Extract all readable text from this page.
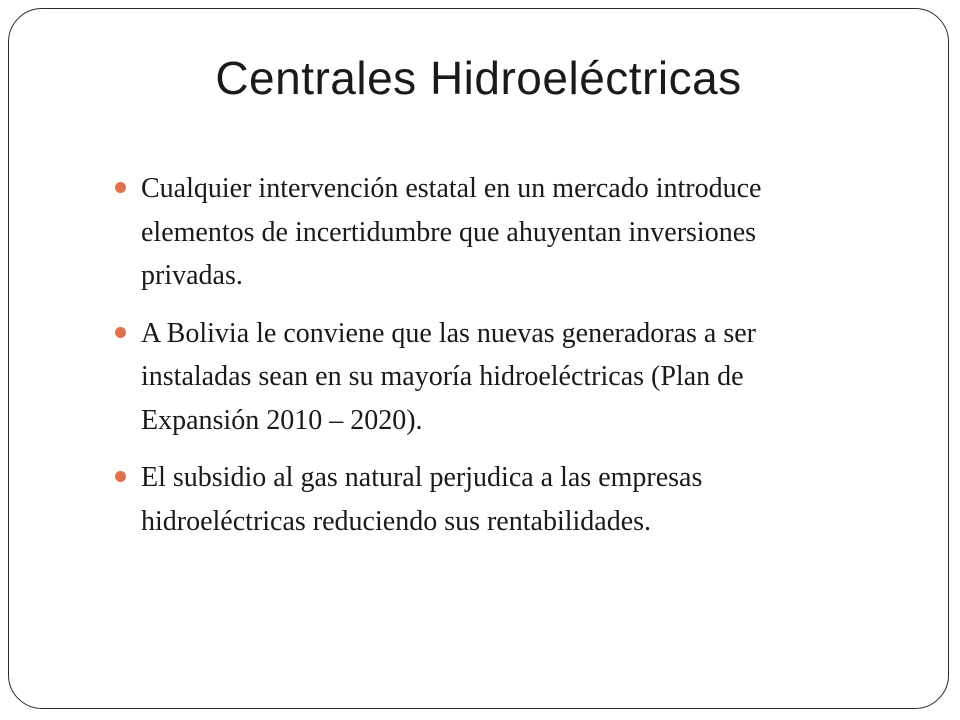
Centrales Hidroeléctricas
Cualquier intervención estatal en un mercado introduce elementos de incertidumbre que ahuyentan inversiones privadas.
A Bolivia le conviene que las nuevas generadoras a ser instaladas sean en su mayoría hidroeléctricas (Plan de Expansión 2010 – 2020).
El subsidio al gas natural perjudica a las empresas hidroeléctricas reduciendo sus rentabilidades.
